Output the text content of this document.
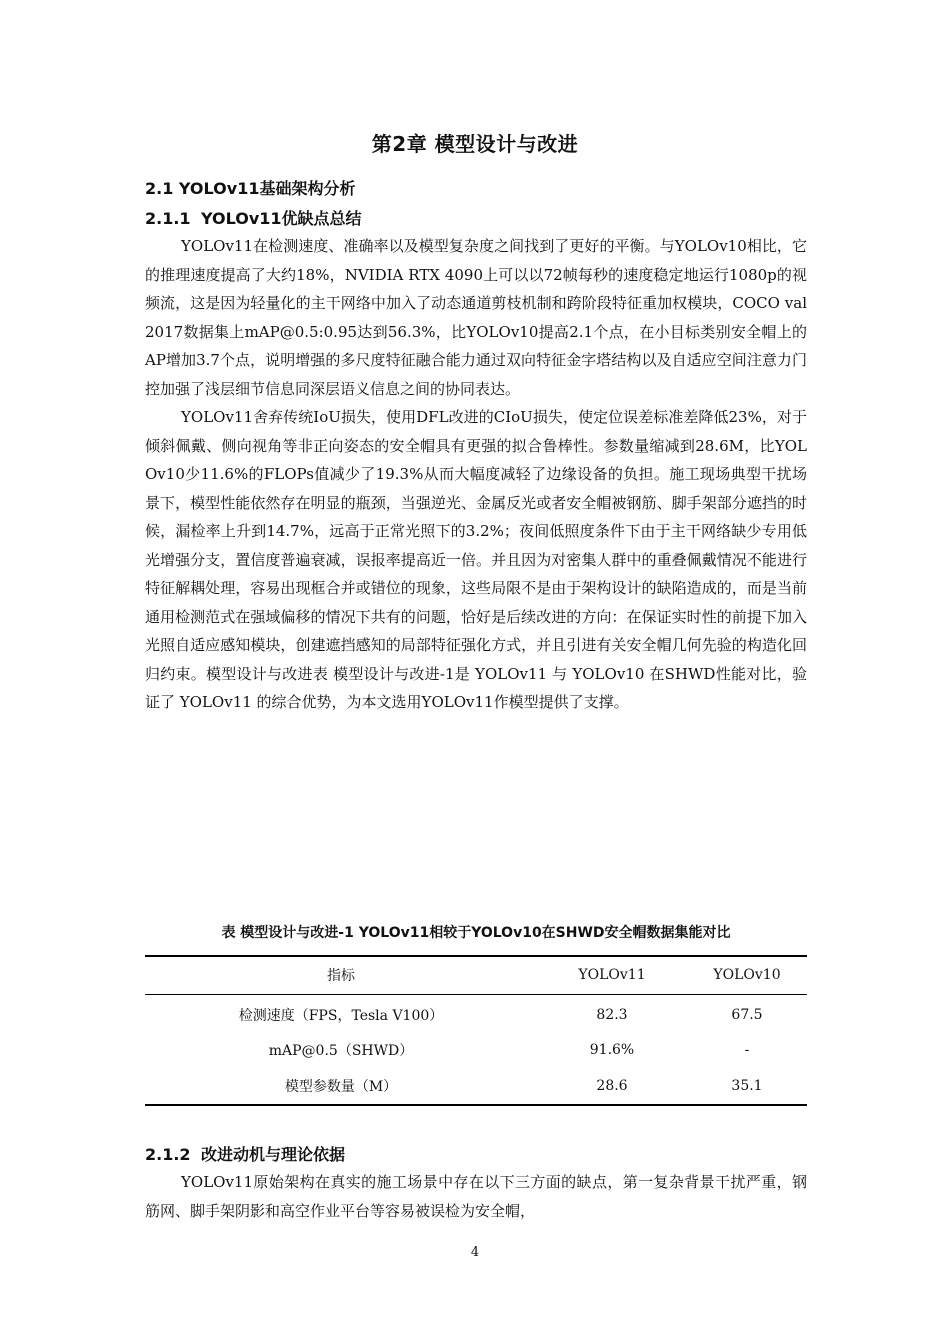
第2章 模型设计与改进
2.1 YOLOv11基础架构分析
2.1.1 YOLOv11优缺点总结

YOLOv11在检测速度、准确率以及模型复杂度之间找到了更好的平衡。与YOLOv10相比，它的推理速度提高了大约18%，NVIDIA RTX 4090上可以以72帧每秒的速度稳定地运行1080p的视频流，这是因为轻量化的主干网络中加入了动态通道剪枝机制和跨阶段特征重加权模块，COCO val2017数据集上mAP@0.5:0.95达到56.3%，比YOLOv10提高2.1个点，在小目标类别安全帽上的AP增加3.7个点，说明增强的多尺度特征融合能力通过双向特征金字塔结构以及自适应空间注意力门控加强了浅层细节信息同深层语义信息之间的协同表达。

YOLOv11舍弃传统IoU损失，使用DFL改进的CIoU损失，使定位误差标准差降低23%，对于倾斜佩戴、侧向视角等非正向姿态的安全帽具有更强的拟合鲁棒性。参数量缩减到28.6M，比YOLOv10少11.6%的FLOPs值减少了19.3%从而大幅度减轻了边缘设备的负担。施工现场典型干扰场景下，模型性能依然存在明显的瓶颈，当强逆光、金属反光或者安全帽被钢筋、脚手架部分遮挡的时候，漏检率上升到14.7%，远高于正常光照下的3.2%；夜间低照度条件下由于主干网络缺少专用低光增强分支，置信度普遍衰减，误报率提高近一倍。并且因为对密集人群中的重叠佩戴情况不能进行特征解耦处理，容易出现框合并或错位的现象，这些局限不是由于架构设计的缺陷造成的，而是当前通用检测范式在强域偏移的情况下共有的问题，恰好是后续改进的方向：在保证实时性的前提下加入光照自适应感知模块，创建遮挡感知的局部特征强化方式，并且引进有关安全帽几何先验的构造化回归约束。模型设计与改进表 模型设计与改进-1是 YOLOv11 与 YOLOv10 在SHWD性能对比，验证了 YOLOv11 的综合优势，为本文选用YOLOv11作模型提供了支撑。

表 模型设计与改进-1 YOLOv11相较于YOLOv10在SHWD安全帽数据集能对比
指标	YOLOv11	YOLOv10
检测速度（FPS，Tesla V100）	82.3	67.5
mAP@0.5（SHWD）	91.6%	-
模型参数量（M）	28.6	35.1
2.1.2 改进动机与理论依据

YOLOv11原始架构在真实的施工场景中存在以下三方面的缺点，第一复杂背景干扰严重，钢筋网、脚手架阴影和高空作业平台等容易被误检为安全帽，

4
